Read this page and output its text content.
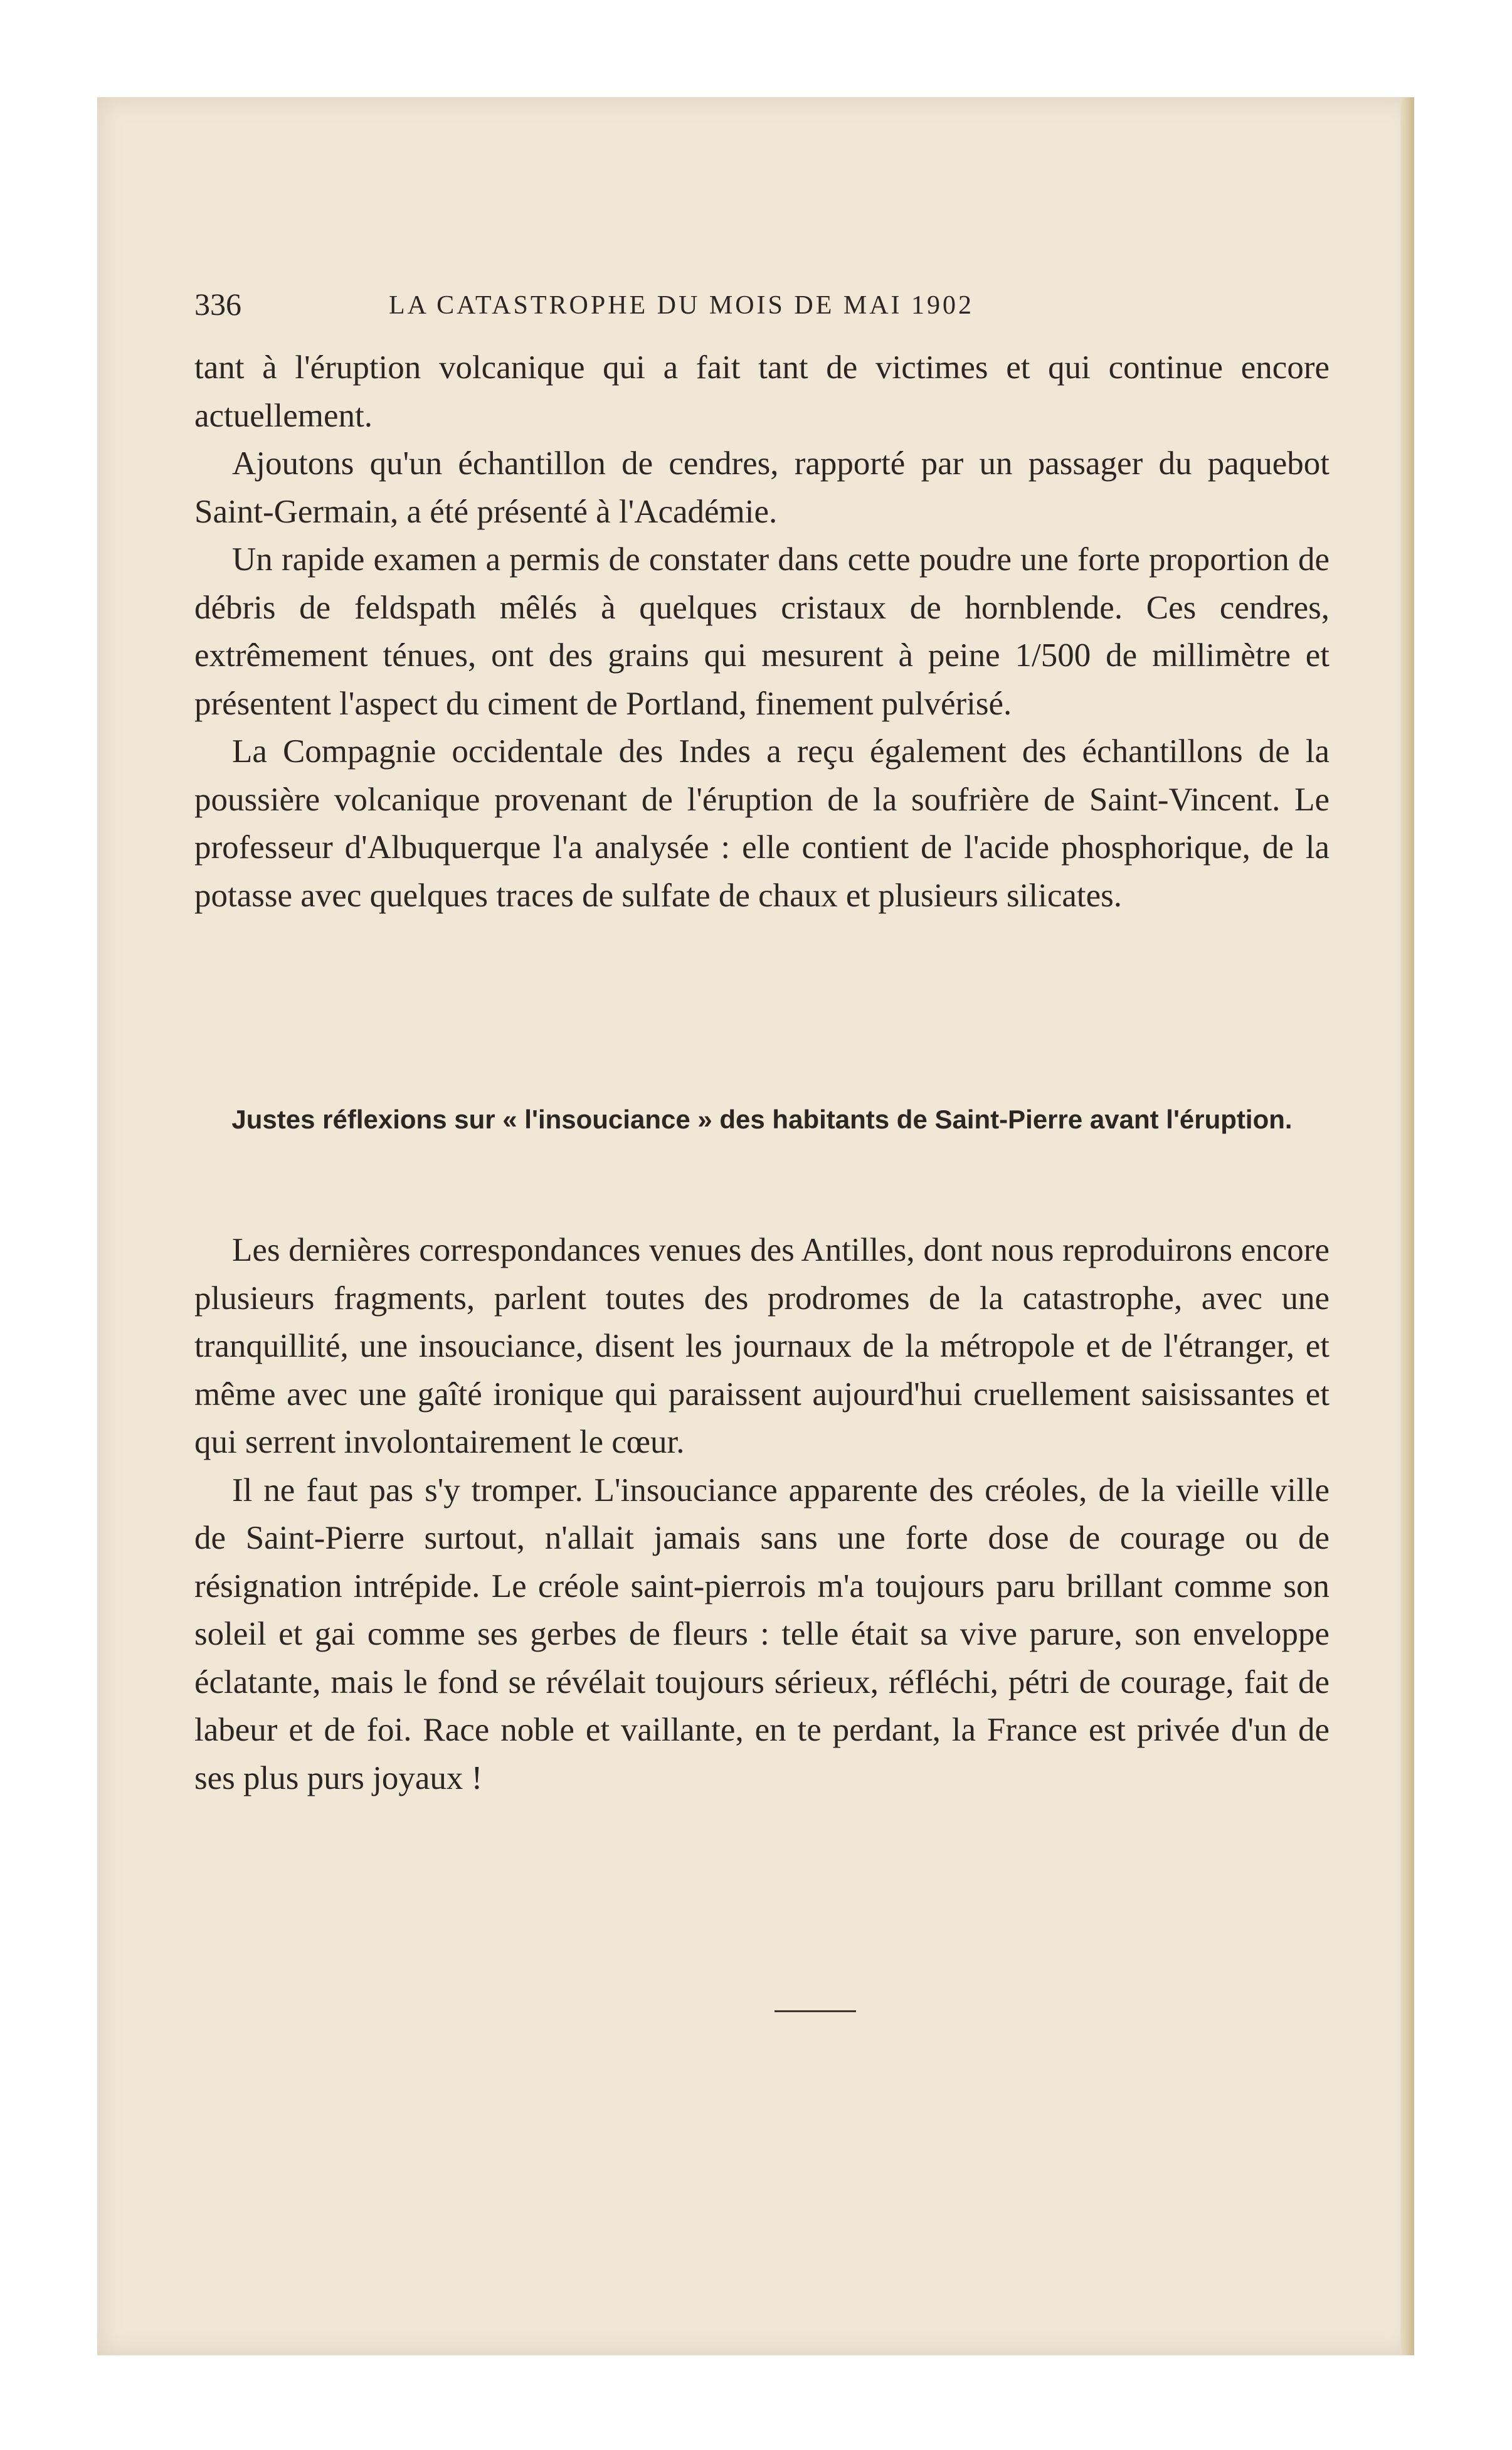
336	LA CATASTROPHE DU MOIS DE MAI 1902

tant à l'éruption volcanique qui a fait tant de victimes et qui continue encore actuellement.

Ajoutons qu'un échantillon de cendres, rapporté par un passager du paquebot Saint-Germain, a été présenté à l'Académie.

Un rapide examen a permis de constater dans cette poudre une forte proportion de débris de feldspath mêlés à quelques cristaux de hornblende. Ces cendres, extrêmement ténues, ont des grains qui mesurent à peine 1/500 de millimètre et présentent l'aspect du ciment de Portland, finement pulvérisé.

La Compagnie occidentale des Indes a reçu également des échantillons de la poussière volcanique provenant de l'éruption de la soufrière de Saint-Vincent. Le professeur d'Albuquerque l'a analysée : elle contient de l'acide phosphorique, de la potasse avec quelques traces de sulfate de chaux et plusieurs silicates.

Justes réflexions sur « l'insouciance » des habitants de Saint-Pierre avant l'éruption.

Les dernières correspondances venues des Antilles, dont nous reproduirons encore plusieurs fragments, parlent toutes des prodromes de la catastrophe, avec une tranquillité, une insouciance, disent les journaux de la métropole et de l'étranger, et même avec une gaîté ironique qui paraissent aujourd'hui cruellement saisissantes et qui serrent involontairement le cœur.

Il ne faut pas s'y tromper. L'insouciance apparente des créoles, de la vieille ville de Saint-Pierre surtout, n'allait jamais sans une forte dose de courage ou de résignation intrépide. Le créole saint-pierrois m'a toujours paru brillant comme son soleil et gai comme ses gerbes de fleurs : telle était sa vive parure, son enveloppe éclatante, mais le fond se révélait toujours sérieux, réfléchi, pétri de courage, fait de labeur et de foi. Race noble et vaillante, en te perdant, la France est privée d'un de ses plus purs joyaux !
